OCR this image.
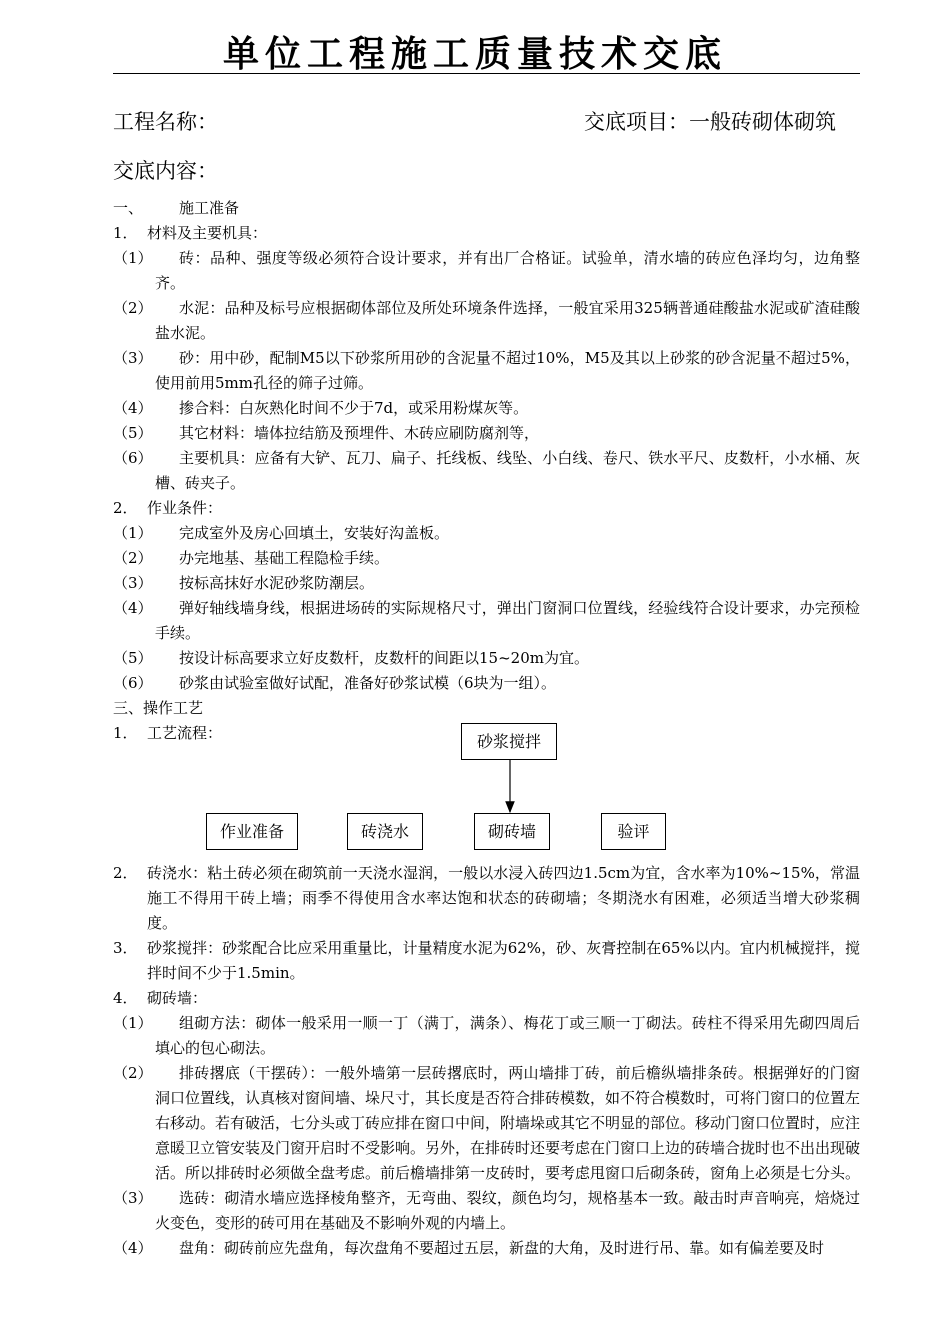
单位工程施工质量技术交底
工程名称：	交底项目：一般砖砌体砌筑
交底内容：

一、 施工准备

1． 材料及主要机具：

（1） 砖：品种、强度等级必须符合设计要求，并有出厂合格证。试验单，清水墙的砖应色泽均匀，边角整齐。

（2） 水泥：品种及标号应根据砌体部位及所处环境条件选择，一般宜采用325辆普通硅酸盐水泥或矿渣硅酸盐水泥。

（3） 砂：用中砂，配制M5以下砂浆所用砂的含泥量不超过10%，M5及其以上砂浆的砂含泥量不超过5%，使用前用5mm孔径的筛子过筛。

（4） 掺合料：白灰熟化时间不少于7d，或采用粉煤灰等。

（5） 其它材料：墙体拉结筋及预埋件、木砖应刷防腐剂等，

（6） 主要机具：应备有大铲、瓦刀、扁子、托线板、线坠、小白线、卷尺、铁水平尺、皮数杆，小水桶、灰槽、砖夹子。

2． 作业条件：

（1） 完成室外及房心回填土，安装好沟盖板。

（2） 办完地基、基础工程隐检手续。

（3） 按标高抹好水泥砂浆防潮层。

（4） 弹好轴线墙身线，根据进场砖的实际规格尺寸，弹出门窗洞口位置线，经验线符合设计要求，办完预检手续。

（5） 按设计标高要求立好皮数杆，皮数杆的间距以15~20m为宜。

（6） 砂浆由试验室做好试配，准备好砂浆试模（6块为一组）。

三、操作工艺

1． 工艺流程：	砂浆搅拌
作业准备	砖浇水	砌砖墙	验评

2． 砖浇水：粘土砖必须在砌筑前一天浇水湿润，一般以水浸入砖四边1.5cm为宜，含水率为10%~15%，常温施工不得用干砖上墙；雨季不得使用含水率达饱和状态的砖砌墙；冬期浇水有困难，必须适当增大砂浆稠度。

3． 砂浆搅拌：砂浆配合比应采用重量比，计量精度水泥为62%，砂、灰膏控制在65%以内。宜内机械搅拌，搅拌时间不少于1.5min。

4． 砌砖墙：

（1） 组砌方法：砌体一般采用一顺一丁（满丁，满条）、梅花丁或三顺一丁砌法。砖柱不得采用先砌四周后填心的包心砌法。

（2） 排砖撂底（干摆砖）：一般外墙第一层砖撂底时，两山墙排丁砖，前后檐纵墙排条砖。根据弹好的门窗洞口位置线，认真核对窗间墙、垛尺寸，其长度是否符合排砖模数，如不符合模数时，可将门窗口的位置左右移动。若有破活，七分头或丁砖应排在窗口中间，附墙垛或其它不明显的部位。移动门窗口位置时，应注意暖卫立管安装及门窗开启时不受影响。另外，在排砖时还要考虑在门窗口上边的砖墙合拢时也不出出现破活。所以排砖时必须做全盘考虑。前后檐墙排第一皮砖时，要考虑甩窗口后砌条砖，窗角上必须是七分头。

（3） 选砖：砌清水墙应选择棱角整齐，无弯曲、裂纹，颜色均匀，规格基本一致。敲击时声音响亮，焙烧过火变色，变形的砖可用在基础及不影响外观的内墙上。

（4） 盘角：砌砖前应先盘角，每次盘角不要超过五层，新盘的大角，及时进行吊、靠。如有偏差要及时
